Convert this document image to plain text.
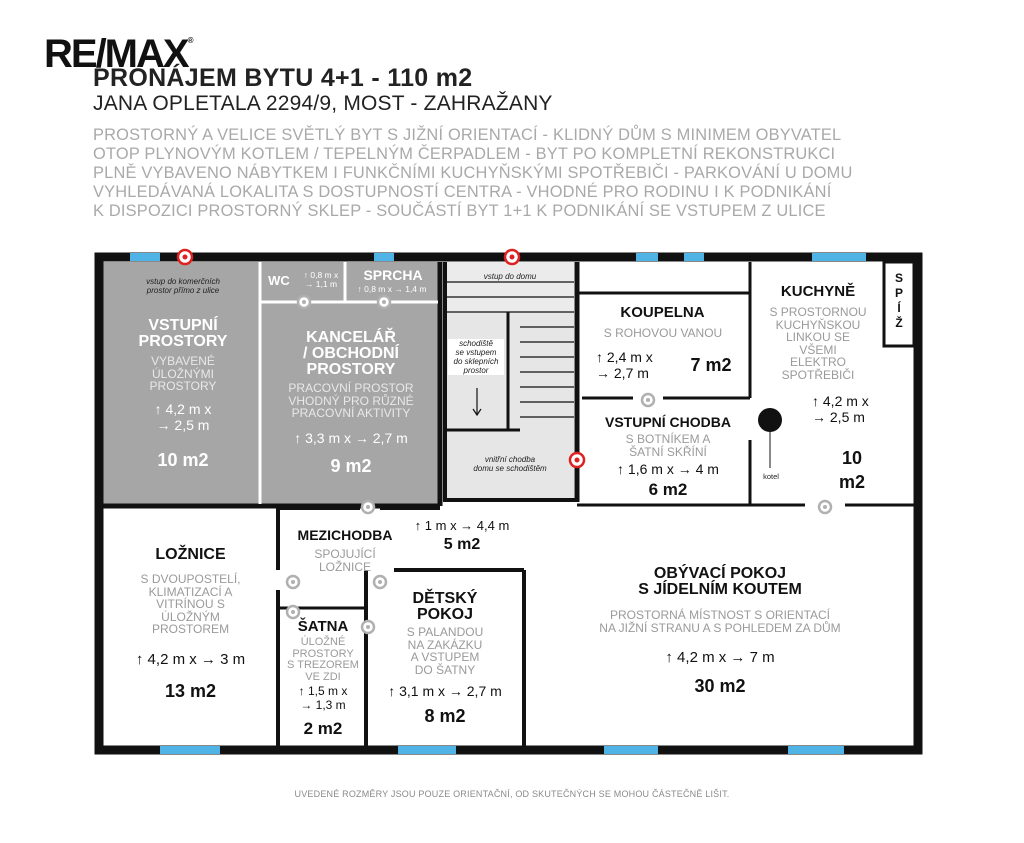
RE/MAX®
PRONÁJEM BYTU 4+1 - 110 m2
JANA OPLETALA 2294/9, MOST - ZAHRAŽANY
PROSTORNÝ A VELICE SVĚTLÝ BYT S JIŽNÍ ORIENTACÍ - KLIDNÝ DŮM S MINIMEM OBYVATEL
OTOP PLYNOVÝM KOTLEM / TEPELNÝM ČERPADLEM - BYT PO KOMPLETNÍ REKONSTRUKCI
PLNĚ VYBAVENO NÁBYTKEM I FUNKČNÍMI KUCHYŇSKÝMI SPOTŘEBIČI - PARKOVÁNÍ U DOMU
VYHLEDÁVANÁ LOKALITA S DOSTUPNOSTÍ CENTRA - VHODNÉ PRO RODINU I K PODNIKÁNÍ
K DISPOZICI PROSTORNÝ SKLEP - SOUČÁSTÍ BYT 1+1 K PODNIKÁNÍ SE VSTUPEM Z ULICE
vstup do komerčních
prostor přímo z ulice
VSTUPNÍ
PROSTORY
VYBAVENÉ
ÚLOŽNÝMI
PROSTORY
↑ 4,2 m x
→ 2,5 m
10 m2
WC	↑ 0,8 m x
→ 1,1 m
SPRCHA
↑ 0,8 m x → 1,4 m
KANCELÁŘ
/ OBCHODNÍ
PROSTORY
PRACOVNÍ PROSTOR
VHODNÝ PRO RŮZNÉ
PRACOVNÍ AKTIVITY
↑ 3,3 m x → 2,7 m
9 m2
vstup do domu
schodiště
se vstupem
do sklepních
prostor
vnitřní chodba
domu se schodištěm
KOUPELNA
S ROHOVOU VANOU
↑ 2,4 m x
→ 2,7 m	7 m2
KUCHYNĚ
S PROSTORNOU
KUCHYŇSKOU
LINKOU SE
VŠEMI
ELEKTRO
SPOTŘEBIČI
↑ 4,2 m x
→ 2,5 m
10
m2
kotel
S
P
Í
Ž
VSTUPNÍ CHODBA
S BOTNÍKEM A
ŠATNÍ SKŘÍNÍ
↑ 1,6 m x → 4 m
6 m2
LOŽNICE
S DVOUPOSTELÍ,
KLIMATIZACÍ A
VITRÍNOU S
ÚLOŽNÝM
PROSTOREM
↑ 4,2 m x → 3 m
13 m2
MEZICHODBA
SPOJUJÍCÍ
LOŽNICE
↑ 1 m x → 4,4 m
5 m2
ŠATNA
ÚLOŽNÉ
PROSTORY
S TREZOREM
VE ZDI
↑ 1,5 m x
→ 1,3 m
2 m2
DĚTSKÝ
POKOJ
S PALANDOU
NA ZAKÁZKU
A VSTUPEM
DO ŠATNY
↑ 3,1 m x → 2,7 m
8 m2
OBÝVACÍ POKOJ
S JÍDELNÍM KOUTEM
PROSTORNÁ MÍSTNOST S ORIENTACÍ
NA JIŽNÍ STRANU A S POHLEDEM ZA DŮM
↑ 4,2 m x → 7 m
30 m2
UVEDENÉ ROZMĚRY JSOU POUZE ORIENTAČNÍ, OD SKUTEČNÝCH SE MOHOU ČÁSTEČNĚ LIŠIT.
